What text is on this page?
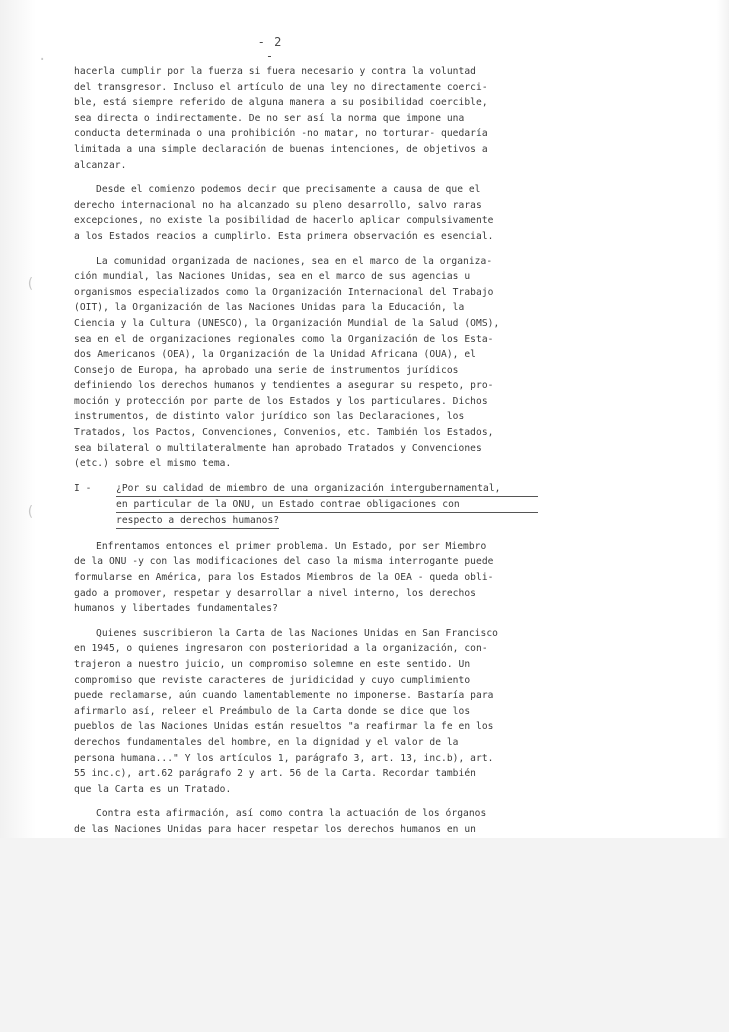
·
(
(
- 2 -
hacerla cumplir por la fuerza si fuera necesario y contra la voluntad
del transgresor. Incluso el artículo de una ley no directamente coerci-
ble, está siempre referido de alguna manera a su posibilidad coercible,
sea directa o indirectamente. De no ser así la norma que impone una
conducta determinada o una prohibición -no matar, no torturar- quedaría
limitada a una simple declaración de buenas intenciones, de objetivos a
alcanzar.
Desde el comienzo podemos decir que precisamente a causa de que el
derecho internacional no ha alcanzado su pleno desarrollo, salvo raras
excepciones, no existe la posibilidad de hacerlo aplicar compulsivamente
a los Estados reacios a cumplirlo. Esta primera observación es esencial.
La comunidad organizada de naciones, sea en el marco de la organiza-
ción mundial, las Naciones Unidas, sea en el marco de sus agencias u
organismos especializados como la Organización Internacional del Trabajo
(OIT), la Organización de las Naciones Unidas para la Educación, la
Ciencia y la Cultura (UNESCO), la Organización Mundial de la Salud (OMS),
sea en el de organizaciones regionales como la Organización de los Esta-
dos Americanos (OEA), la Organización de la Unidad Africana (OUA), el
Consejo de Europa, ha aprobado una serie de instrumentos jurídicos
definiendo los derechos humanos y tendientes a asegurar su respeto, pro-
moción y protección por parte de los Estados y los particulares. Dichos
instrumentos, de distinto valor jurídico son las Declaraciones, los
Tratados, los Pactos, Convenciones, Convenios, etc. También los Estados,
sea bilateral o multilateralmente han aprobado Tratados y Convenciones
(etc.) sobre el mismo tema.
I -	¿Por su calidad de miembro de una organización intergubernamental,
en particular de la ONU, un Estado contrae obligaciones con
respecto a derechos humanos?
Enfrentamos entonces el primer problema. Un Estado, por ser Miembro
de la ONU -y con las modificaciones del caso la misma interrogante puede
formularse en América, para los Estados Miembros de la OEA - queda obli-
gado a promover, respetar y desarrollar a nivel interno, los derechos
humanos y libertades fundamentales?
Quienes suscribieron la Carta de las Naciones Unidas en San Francisco
en 1945, o quienes ingresaron con posterioridad a la organización, con-
trajeron a nuestro juicio, un compromiso solemne en este sentido. Un
compromiso que reviste caracteres de juridicidad y cuyo cumplimiento
puede reclamarse, aún cuando lamentablemente no imponerse. Bastaría para
afirmarlo así, releer el Preámbulo de la Carta donde se dice que los
pueblos de las Naciones Unidas están resueltos "a reafirmar la fe en los
derechos fundamentales del hombre, en la dignidad y el valor de la
persona humana..." Y los artículos 1, parágrafo 3, art. 13, inc.b), art.
55 inc.c), art.62 parágrafo 2 y art. 56 de la Carta. Recordar también
que la Carta es un Tratado.
Contra esta afirmación, así como contra la actuación de los órganos
de las Naciones Unidas para hacer respetar los derechos humanos en un
